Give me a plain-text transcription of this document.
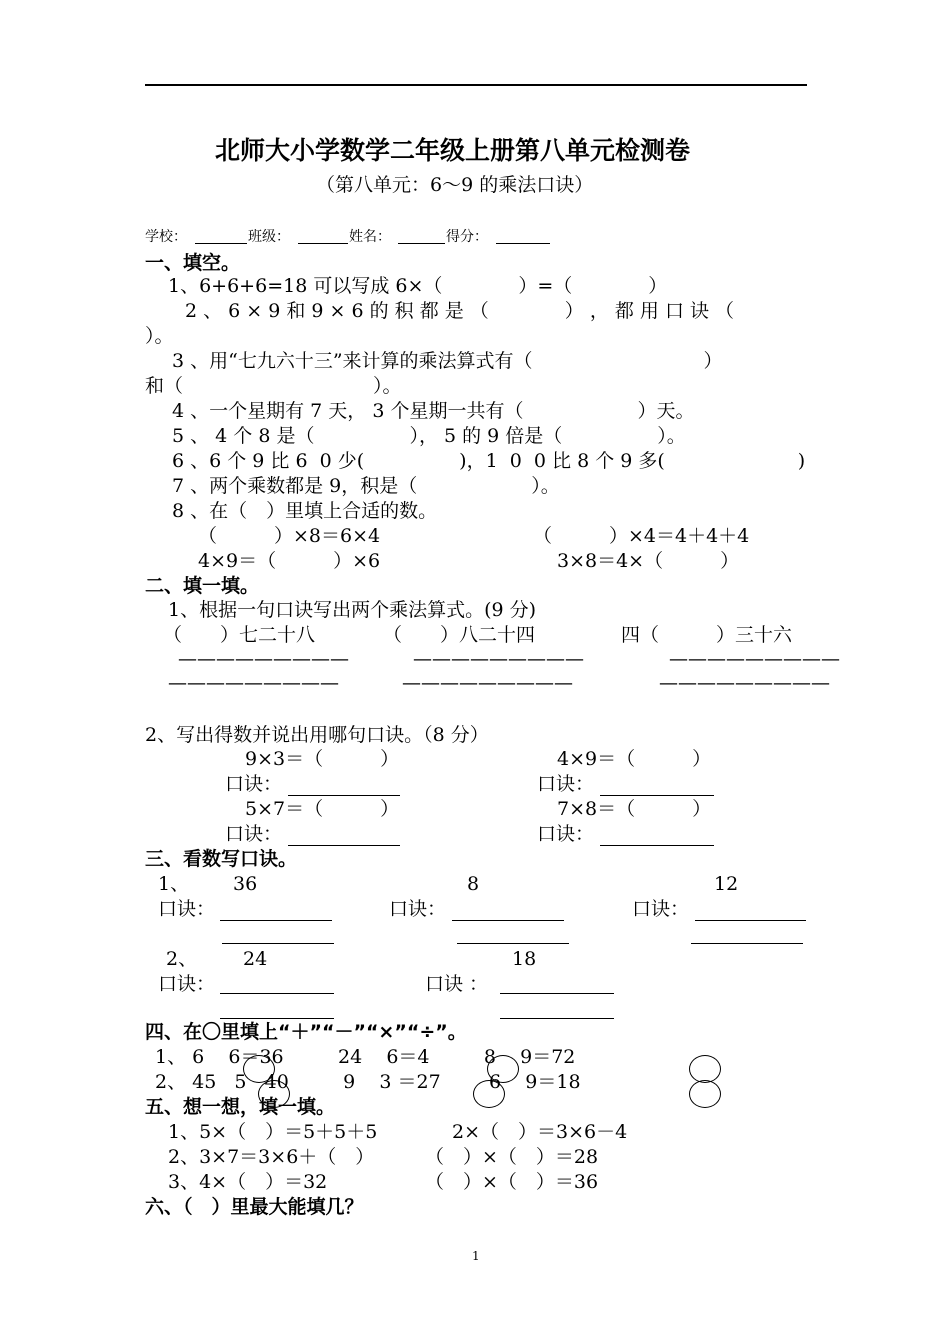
北师大小学数学二年级上册第八单元检测卷
（第八单元：6～9 的乘法口诀）
学校：	班级：	姓名：	得分：
一、填空。
1、6+6+6=18 可以写成 6×（　　　　）=（　　　　）
2 、 6 × 9 和 9 × 6 的 积 都 是 （　　　　） ， 都 用 口 诀 （
）。
3 、用“七九六十三”来计算的乘法算式有（　　　　　　　　　）
和（　　　　　　　　　　）。
4 、一个星期有 7 天， 3 个星期一共有（　　　　　　）天。
5 、 4 个 8 是（　　　　　）， 5 的 9 倍是（　　　　　）。
6 、6 个 9 比 6  0 少(　　　　　)，1  0  0 比 8 个 9 多(　　　　　　　)
7 、两个乘数都是 9，积是（　　　　　　）。
8 、在（　）里填上合适的数。
（　　　）×8＝6×4	（　　　）×4＝4＋4＋4
4×9＝（　　　）×6	3×8＝4×（　　　）
二、填一填。
1、根据一句口诀写出两个乘法算式。(9 分)
（　　）七二十八	（　　）八二十四	四（　　　）三十六
—————————	—————————	—————————
—————————	—————————	—————————
2、写出得数并说出用哪句口诀。（8 分）
9×3＝（　　　）	4×9＝（　　　）
口诀：	口诀：
5×7＝（　　　）	7×8＝（　　　）
口诀：	口诀：
三、看数写口诀。
1、 36	8	12
口诀：	口诀：	口诀：
2、 24	18
口诀：	口诀 ：
四、在〇里填上“＋”“－”“×”“÷”。
1、 6    6＝36         24    6＝4         8    9＝72
2、 45   5   40         9    3 ＝27        6    9＝18
五、想一想，填一填。
1、5×（　）＝5＋5＋5	2×（　）＝3×6－4
2、3×7＝3×6＋（　）	（　）×（　）＝28
3、4×（　）＝32	（　）×（　）＝36
六、（　）里最大能填几？
1
